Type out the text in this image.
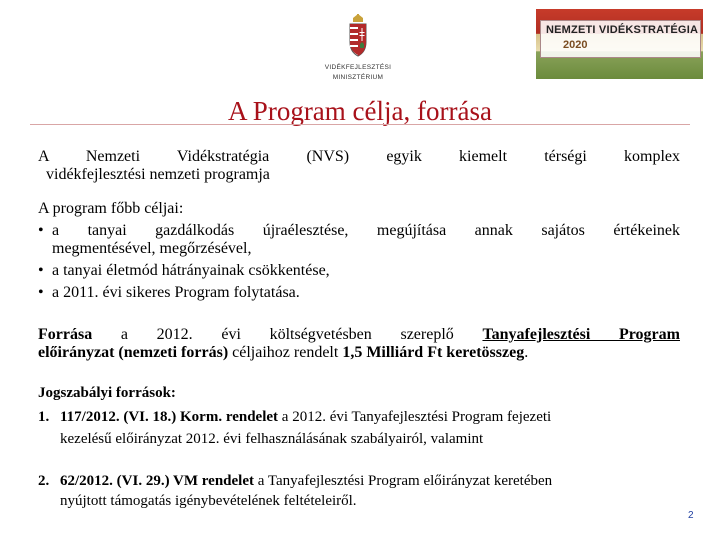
VIDÉKFEJLESZTÉSI
MINISZTÉRIUM
NEMZETI VIDÉKSTRATÉGIA
2020
A Program célja, forrása
A Nemzeti Vidékstratégia (NVS) egyik kiemelt térségi komplex
vidékfejlesztési nemzeti programja
A program főbb céljai:
• a tanyai gazdálkodás újraélesztése, megújítása annak sajátos értékeinek
megmentésével, megőrzésével,
• a tanyai életmód hátrányainak csökkentése,
• a 2011. évi sikeres Program folytatása.
Forrása a 2012. évi költségvetésben szereplő Tanyafejlesztési Program
előirányzat (nemzeti forrás) céljaihoz rendelt 1,5 Milliárd Ft keretösszeg.
Jogszabályi források:
1. 117/2012. (VI. 18.) Korm. rendelet a 2012. évi Tanyafejlesztési Program fejezeti
kezelésű előirányzat 2012. évi felhasználásának szabályairól, valamint
2. 62/2012. (VI. 29.) VM rendelet a Tanyafejlesztési Program előirányzat keretében
nyújtott támogatás igénybevételének feltételeiről.
2
